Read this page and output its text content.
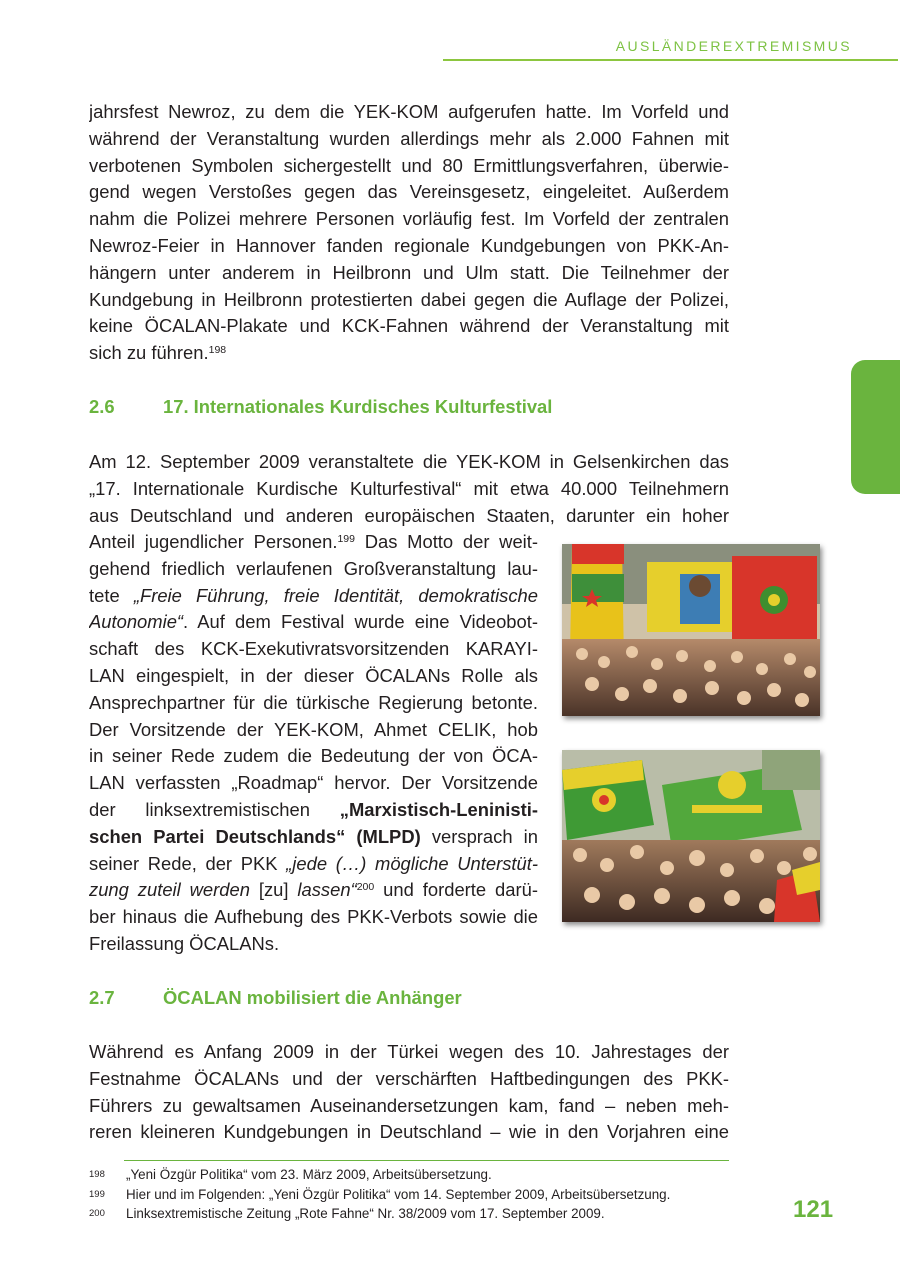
AUSLÄNDEREXTREMISMUS
jahrsfest Newroz, zu dem die YEK-KOM aufgerufen hatte. Im Vorfeld und
während der Veranstaltung wurden allerdings mehr als 2.000 Fahnen mit
verbotenen Symbolen sichergestellt und 80 Ermittlungsverfahren, überwie-
gend wegen Verstoßes gegen das Vereinsgesetz, eingeleitet. Außerdem
nahm die Polizei mehrere Personen vorläufig fest. Im Vorfeld der zentralen
Newroz-Feier in Hannover fanden regionale Kundgebungen von PKK-An-
hängern unter anderem in Heilbronn und Ulm statt. Die Teilnehmer der
Kundgebung in Heilbronn protestierten dabei gegen die Auflage der Polizei,
keine ÖCALAN-Plakate und KCK-Fahnen während der Veranstaltung mit
sich zu führen.$^{198}$
2.6	17. Internationales Kurdisches Kulturfestival
Am 12. September 2009 veranstaltete die YEK-KOM in Gelsenkirchen das
„17. Internationale Kurdische Kulturfestival“ mit etwa 40.000 Teilnehmern
aus Deutschland und anderen europäischen Staaten, darunter ein hoher
Anteil jugendlicher Personen.$^{199}$ Das Motto der weit-
gehend friedlich verlaufenen Großveranstaltung lau-
tete „Freie Führung, freie Identität, demokratische
Autonomie“. Auf dem Festival wurde eine Videobot-
schaft des KCK-Exekutivratsvorsitzenden KARAYI-
LAN eingespielt, in der dieser ÖCALANs Rolle als
Ansprechpartner für die türkische Regierung betonte.
Der Vorsitzende der YEK-KOM, Ahmet CELIK, hob
in seiner Rede zudem die Bedeutung der von ÖCA-
LAN verfassten „Roadmap“ hervor. Der Vorsitzende
der linksextremistischen „Marxistisch-Leninisti-
schen Partei Deutschlands“ (MLPD) versprach in
seiner Rede, der PKK „jede (…) mögliche Unterstüt-
zung zuteil werden [zu] lassen“$^{200}$ und forderte darü-
ber hinaus die Aufhebung des PKK-Verbots sowie die
Freilassung ÖCALANs.
2.7	ÖCALAN mobilisiert die Anhänger
Während es Anfang 2009 in der Türkei wegen des 10. Jahrestages der
Festnahme ÖCALANs und der verschärften Haftbedingungen des PKK-
Führers zu gewaltsamen Auseinandersetzungen kam, fand – neben meh-
reren kleineren Kundgebungen in Deutschland – wie in den Vorjahren eine
198 „Yeni Özgür Politika“ vom 23. März 2009, Arbeitsübersetzung.
199 Hier und im Folgenden: „Yeni Özgür Politika“ vom 14. September 2009, Arbeitsübersetzung.
200 Linksextremistische Zeitung „Rote Fahne“ Nr. 38/2009 vom 17. September 2009.	121
